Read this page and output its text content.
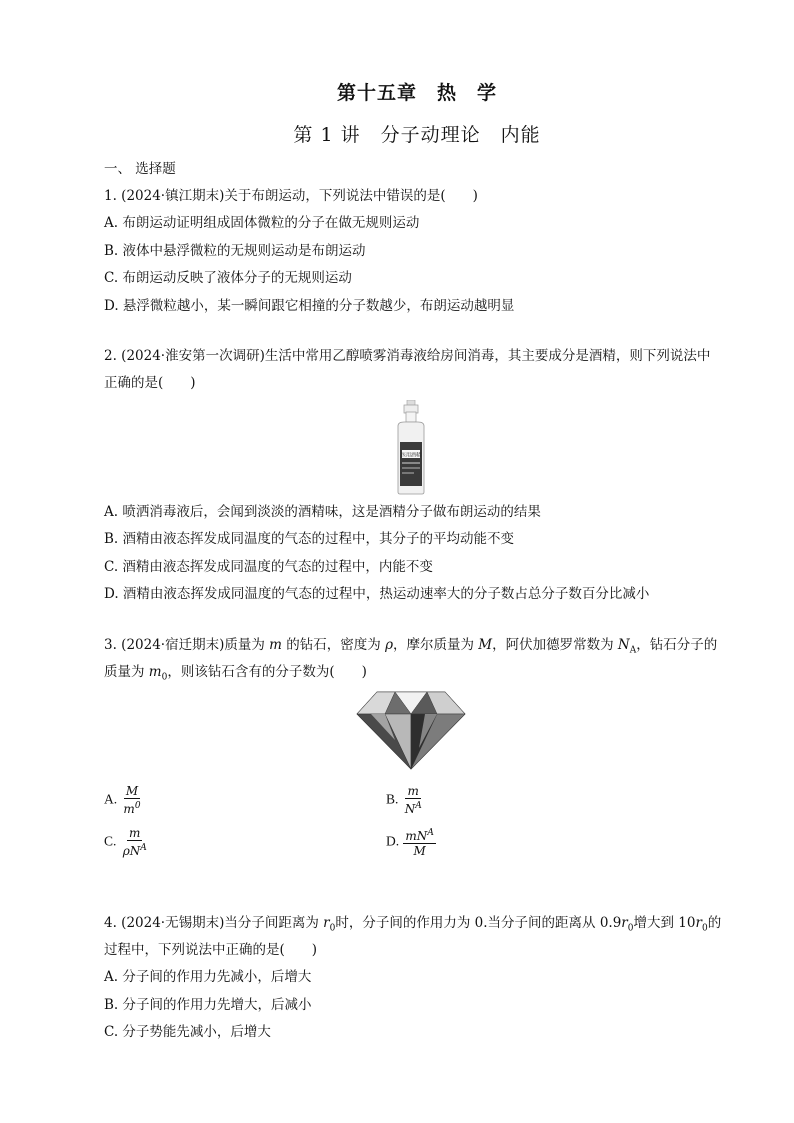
第十五章　热　学
第 1 讲　分子动理论　内能
一、 选择题
1. (2024·镇江期末)关于布朗运动，下列说法中错误的是(　　)
A. 布朗运动证明组成固体微粒的分子在做无规则运动
B. 液体中悬浮微粒的无规则运动是布朗运动
C. 布朗运动反映了液体分子的无规则运动
D. 悬浮微粒越小，某一瞬间跟它相撞的分子数越少，布朗运动越明显
2. (2024·淮安第一次调研)生活中常用乙醇喷雾消毒液给房间消毒，其主要成分是酒精，则下列说法中
正确的是(　　)
医用酒精
A. 喷洒消毒液后，会闻到淡淡的酒精味，这是酒精分子做布朗运动的结果
B. 酒精由液态挥发成同温度的气态的过程中，其分子的平均动能不变
C. 酒精由液态挥发成同温度的气态的过程中，内能不变
D. 酒精由液态挥发成同温度的气态的过程中，热运动速率大的分子数占总分子数百分比减小
3. (2024·宿迁期末)质量为 m 的钻石，密度为 ρ，摩尔质量为 M，阿伏加德罗常数为 $N_A$，钻石分子的
质量为 $m_0$，则该钻石含有的分子数为(　　)
A. $\frac{M}{m^0}$	B. $\frac{m}{N^A}$
C. $\frac{m}{\rho N^A}$	D. $\frac{mN^A}{M}$
4. (2024·无锡期末)当分子间距离为 $r_0$时，分子间的作用力为 0.当分子间的距离从 $0.9r_0$增大到 $10r_0$的
过程中，下列说法中正确的是(　　)
A. 分子间的作用力先减小，后增大
B. 分子间的作用力先增大，后减小
C. 分子势能先减小，后增大
